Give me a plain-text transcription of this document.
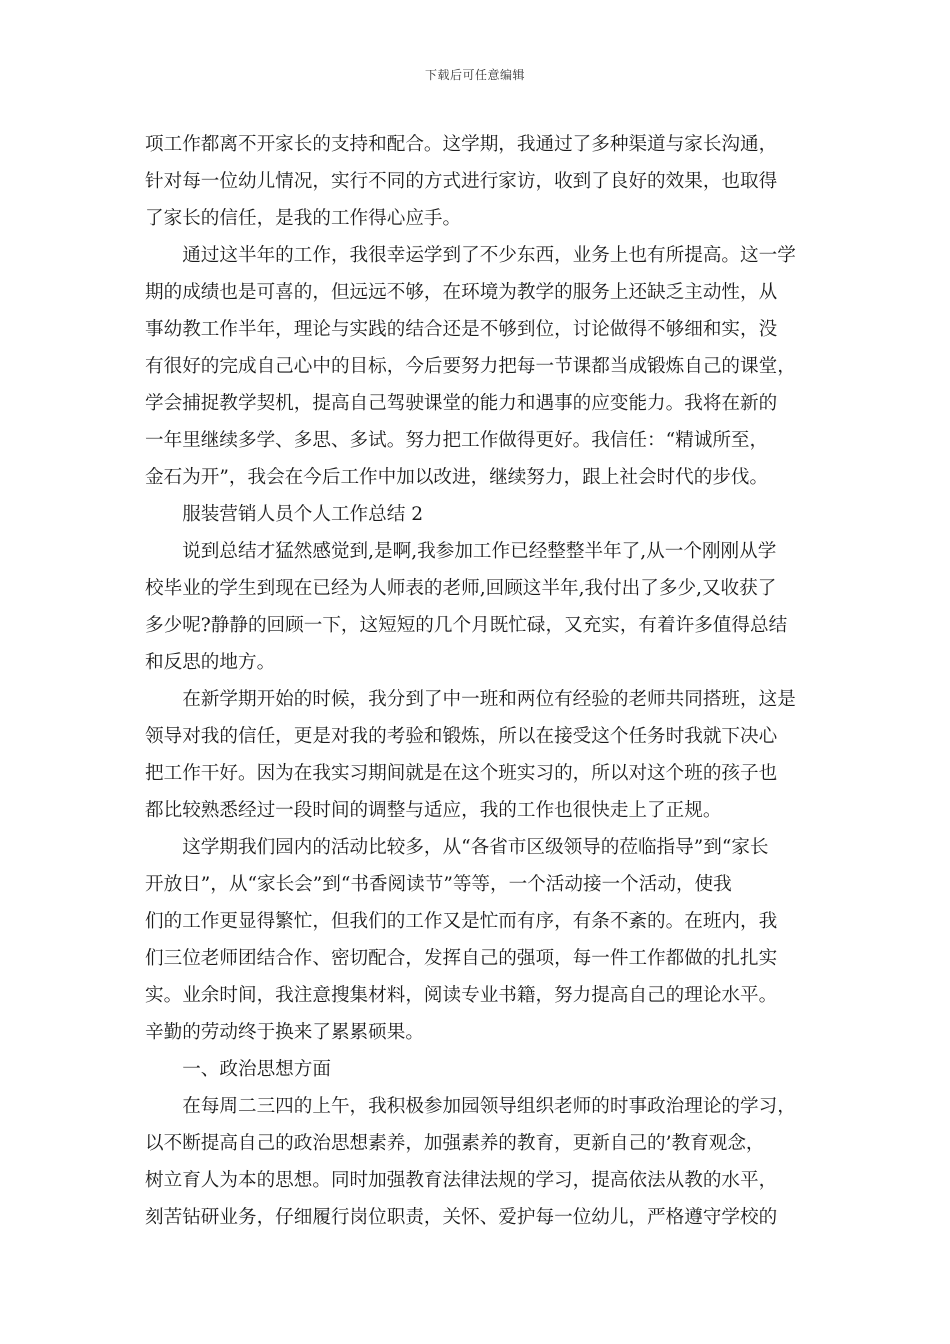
下载后可任意编辑
项工作都离不开家长的支持和配合。这学期，我通过了多种渠道与家长沟通，
针对每一位幼儿情况，实行不同的方式进行家访，收到了良好的效果，也取得
了家长的信任，是我的工作得心应手。
　　通过这半年的工作，我很幸运学到了不少东西，业务上也有所提高。这一学
期的成绩也是可喜的，但远远不够，在环境为教学的服务上还缺乏主动性，从
事幼教工作半年，理论与实践的结合还是不够到位，讨论做得不够细和实，没
有很好的完成自己心中的目标，今后要努力把每一节课都当成锻炼自己的课堂，
学会捕捉教学契机，提高自己驾驶课堂的能力和遇事的应变能力。我将在新的
一年里继续多学、多思、多试。努力把工作做得更好。我信任：“精诚所至，
金石为开”，我会在今后工作中加以改进，继续努力，跟上社会时代的步伐。
　　服装营销人员个人工作总结 2
　　说到总结才猛然感觉到,是啊,我参加工作已经整整半年了,从一个刚刚从学
校毕业的学生到现在已经为人师表的老师,回顾这半年,我付出了多少,又收获了
多少呢?静静的回顾一下，这短短的几个月既忙碌，又充实，有着许多值得总结
和反思的地方。
　　在新学期开始的时候，我分到了中一班和两位有经验的老师共同搭班，这是
领导对我的信任，更是对我的考验和锻炼，所以在接受这个任务时我就下决心
把工作干好。因为在我实习期间就是在这个班实习的，所以对这个班的孩子也
都比较熟悉经过一段时间的调整与适应，我的工作也很快走上了正规。
　　这学期我们园内的活动比较多，从“各省市区级领导的莅临指导”到“家长
开放日”，从“家长会”到“书香阅读节”等等，一个活动接一个活动，使我
们的工作更显得繁忙，但我们的工作又是忙而有序，有条不紊的。在班内，我
们三位老师团结合作、密切配合，发挥自己的强项，每一件工作都做的扎扎实
实。业余时间，我注意搜集材料，阅读专业书籍，努力提高自己的理论水平。
辛勤的劳动终于换来了累累硕果。
　　一、政治思想方面
　　在每周二三四的上午，我积极参加园领导组织老师的时事政治理论的学习，
以不断提高自己的政治思想素养，加强素养的教育，更新自己的’教育观念，
树立育人为本的思想。同时加强教育法律法规的学习，提高依法从教的水平，
刻苦钻研业务，仔细履行岗位职责，关怀、爱护每一位幼儿，严格遵守学校的
